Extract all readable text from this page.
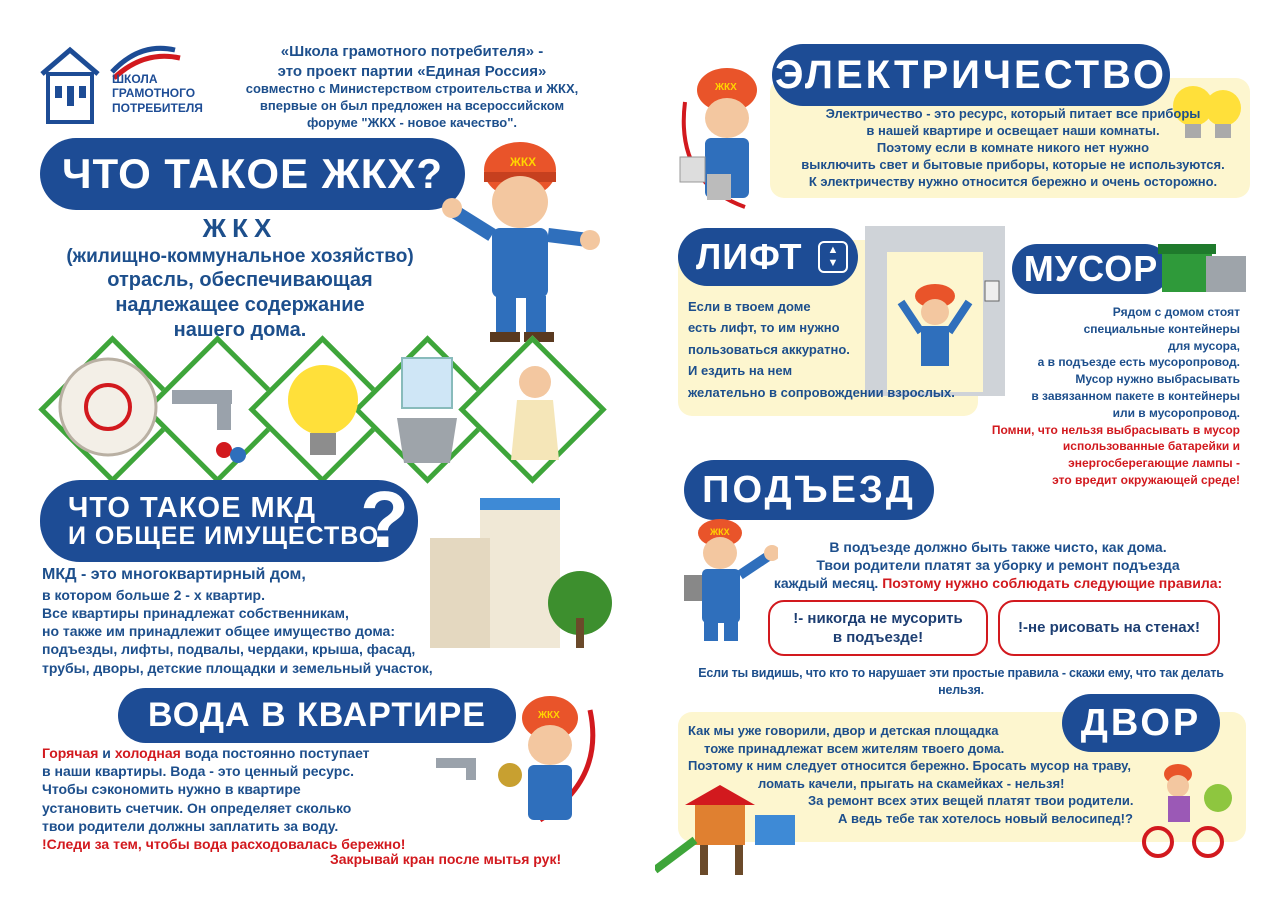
ШКОЛА
ГРАМОТНОГО
ПОТРЕБИТЕЛЯ
«Школа грамотного потребителя» -
это проект партии «Единая Россия»
совместно с Министерством строительства и ЖКХ,
впервые он был предложен на всероссийском
форуме "ЖКХ - новое качество".
ЧТО ТАКОЕ ЖКХ?	ЖКХ
ЖКХ
(жилищно-коммунальное хозяйство)
отрасль, обеспечивающая
надлежащее содержание
нашего дома.
ЧТО ТАКОЕ МКД
И ОБЩЕЕ ИМУЩЕСТВО
?
МКД - это многоквартирный дом,
в котором больше 2 - х квартир.
Все квартиры принадлежат собственникам,
но также им принадлежит общее имущество дома:
подъезды, лифты, подвалы, чердаки, крыша, фасад,
трубы, дворы, детские площадки и земельный участок,
ВОДА В КВАРТИРЕ	ЖКХ
Горячая и холодная вода постоянно поступает
в наши квартиры. Вода - это ценный ресурс.
Чтобы сэкономить нужно в квартире
установить счетчик. Он определяет сколько
твои родители должны заплатить за воду.
!Следи за тем, чтобы вода расходовалась бережно!
Закрывай кран после мытья рук!
ЭЛЕКТРИЧЕСТВО
ЖКХ
Электричество - это ресурс, который питает все приборы
в нашей квартире и освещает наши комнаты.
Поэтому если в комнате никого нет нужно
выключить свет и бытовые приборы, которые не используются.
К электричеству нужно относится бережно и очень осторожно.
ЛИФТ	▲
▼
Если в твоем доме
есть лифт, то им нужно
пользоваться аккуратно.
И ездить на нем
желательно в сопровождении взрослых.
МУСОР
Рядом с домом стоят
специальные контейнеры
для мусора,
а в подъезде есть мусоропровод.
Мусор нужно выбрасывать
в завязанном пакете в контейнеры
или в мусоропровод.
Помни, что нельзя выбрасывать в мусор
использованные батарейки и
энергосберегающие лампы -
это вредит окружающей среде!
ПОДЪЕЗД
ЖКХ
В подъезде должно быть также чисто, как дома.
Твои родители платят за уборку и ремонт подъезда
каждый месяц. Поэтому нужно соблюдать следующие правила:
!- никогда не мусорить
в подъезде!
!-не рисовать на стенах!
Если ты видишь, что кто то нарушает эти простые правила - скажи ему, что так делать нельзя.
ДВОР
Как мы уже говорили, двор и детская площадка
тоже принадлежат всем жителям твоего дома.
Поэтому к ним следует относится бережно. Бросать мусор на траву,
ломать качели, прыгать на скамейках - нельзя!
За ремонт всех этих вещей платят твои родители.
А ведь тебе так хотелось новый велосипед!?
